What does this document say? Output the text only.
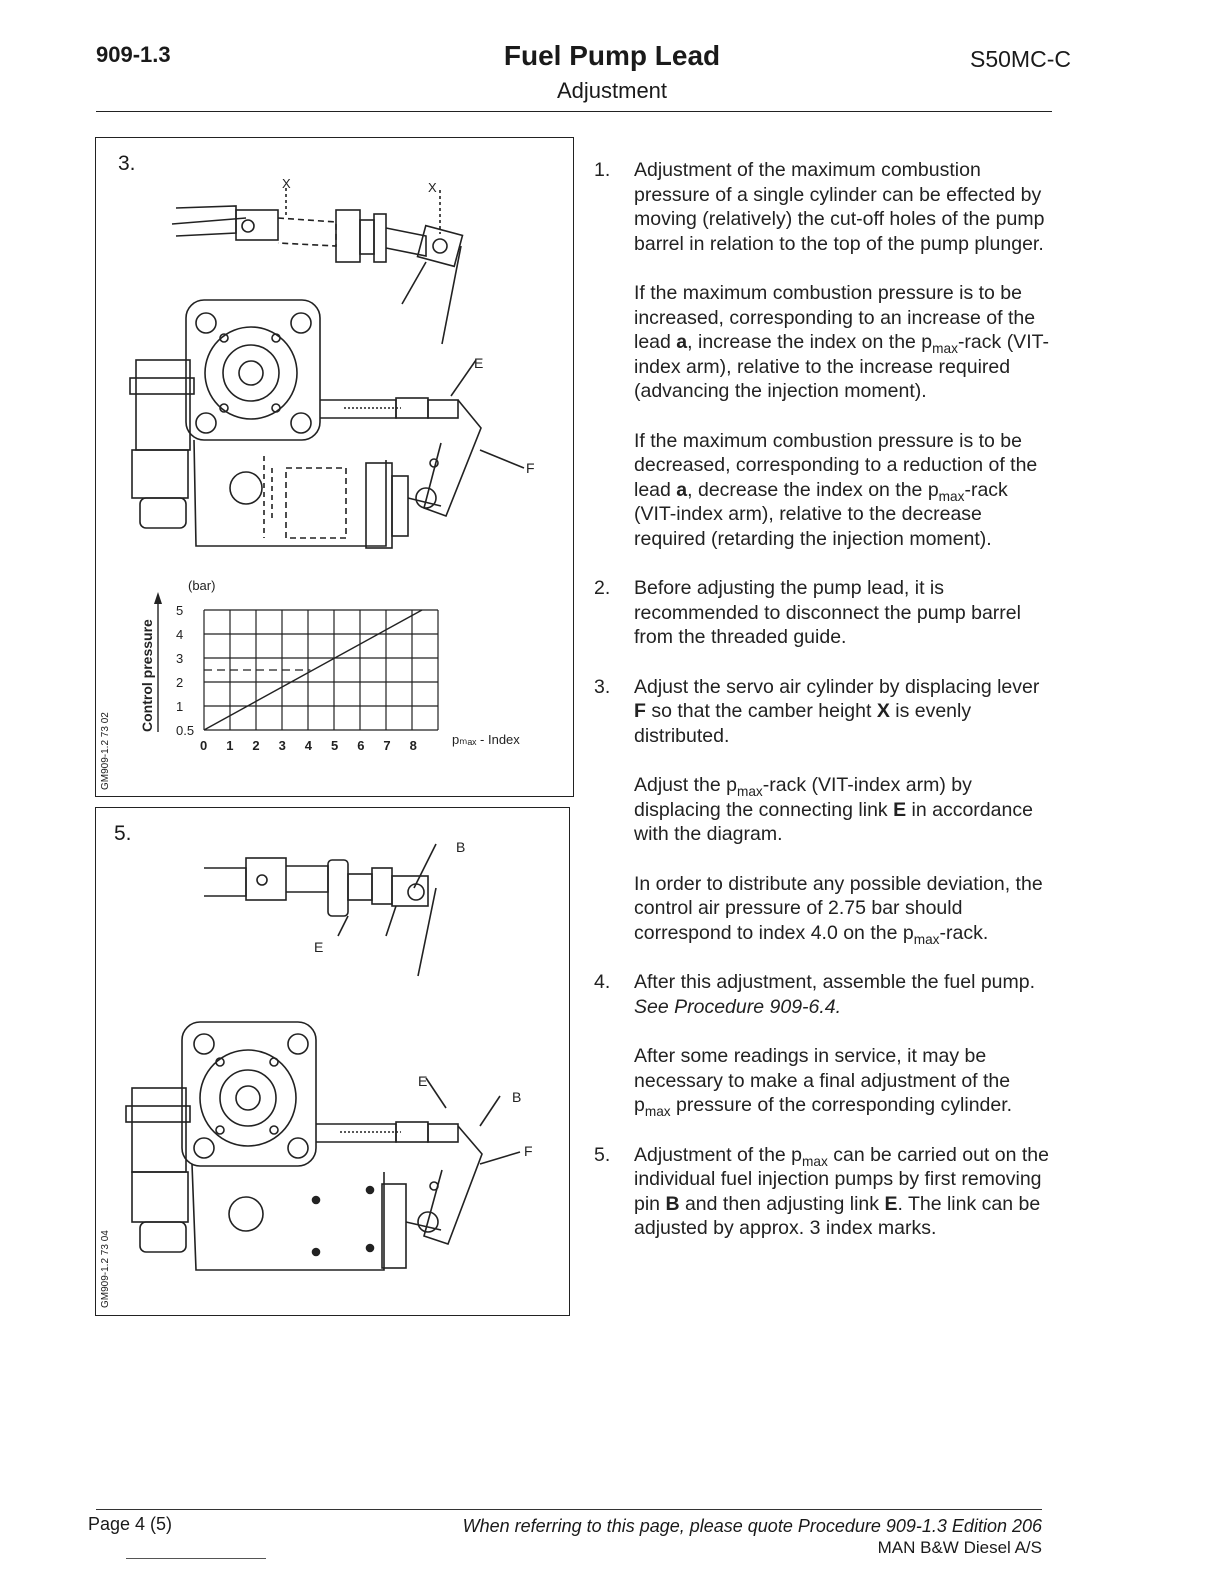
909-1.3	Fuel Pump Lead
Adjustment
S50MC-C
3.
GM909-1.2 73 02
X	X
E
F
5
4
3
2
1
0.5
0 1 2 3 4 5 6 7 8
(bar)
Control pressure
pₘₐₓ - Index
5.
GM909-1.2 73 04
B
E
E
B
F
1. Adjustment of the maximum combustion pressure of a single cylinder can be effected by moving (relatively) the cut-off holes of the pump barrel in relation to the top of the pump plunger.

If the maximum combustion pressure is to be increased, corresponding to an increase of the lead a, increase the index on the $p_{max}$-rack (VIT-index arm), relative to the increase required (advancing the injection moment).

If the maximum combustion pressure is to be decreased, corresponding to a reduction of the lead a, decrease the index on the $p_{max}$-rack (VIT-index arm), relative to the decrease required (retarding the injection moment).

2. Before adjusting the pump lead, it is recommended to disconnect the pump barrel from the threaded guide.

3. Adjust the servo air cylinder by displacing lever F so that the camber height X is evenly distributed.

Adjust the $p_{max}$-rack (VIT-index arm) by displacing the connecting link E in accordance with the diagram.

In order to distribute any possible deviation, the control air pressure of 2.75 bar should correspond to index 4.0 on the $p_{max}$-rack.

4. After this adjustment, assemble the fuel pump.
See Procedure 909-6.4.

After some readings in service, it may be necessary to make a final adjustment of the $p_{max}$ pressure of the corresponding cylinder.

5. Adjustment of the $p_{max}$ can be carried out on the individual fuel injection pumps by first removing pin B and then adjusting link E. The link can be adjusted by approx. 3 index marks.

Page 4 (5)	When referring to this page, please quote Procedure 909-1.3 Edition 206
MAN B&W Diesel A/S
